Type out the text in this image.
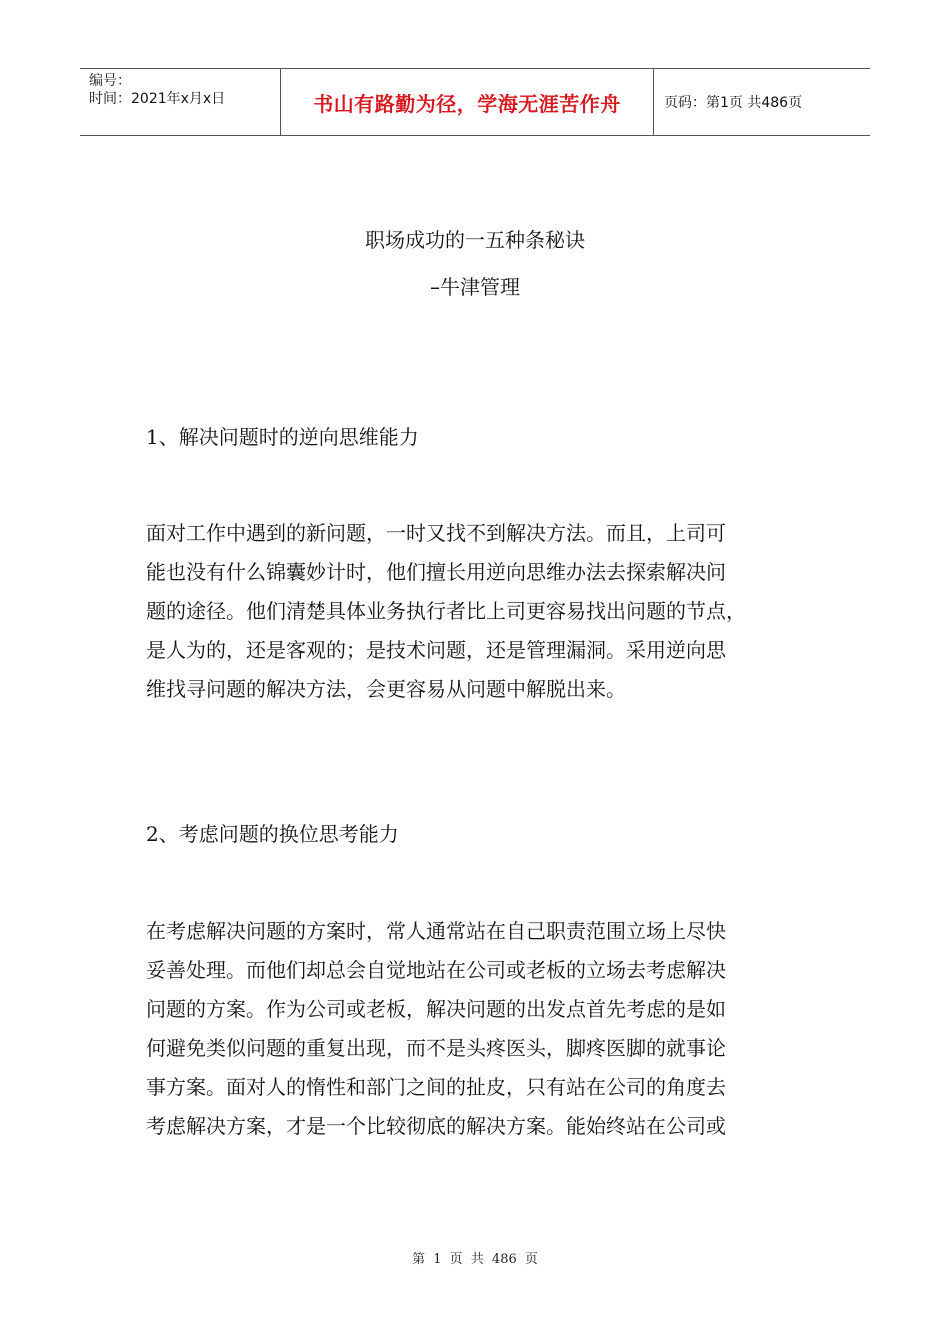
编号：
时间：2021年x月x日	书山有路勤为径，学海无涯苦作舟	页码：第1页 共486页
职场成功的一五种条秘诀
–牛津管理
1、解决问题时的逆向思维能力
面对工作中遇到的新问题，一时又找不到解决方法。而且，上司可
能也没有什么锦囊妙计时，他们擅长用逆向思维办法去探索解决问
题的途径。他们清楚具体业务执行者比上司更容易找出问题的节点，
是人为的，还是客观的；是技术问题，还是管理漏洞。采用逆向思
维找寻问题的解决方法，会更容易从问题中解脱出来。
2、考虑问题的换位思考能力
在考虑解决问题的方案时，常人通常站在自己职责范围立场上尽快
妥善处理。而他们却总会自觉地站在公司或老板的立场去考虑解决
问题的方案。作为公司或老板，解决问题的出发点首先考虑的是如
何避免类似问题的重复出现，而不是头疼医头，脚疼医脚的就事论
事方案。面对人的惰性和部门之间的扯皮，只有站在公司的角度去
考虑解决方案，才是一个比较彻底的解决方案。能始终站在公司或
第 1 页 共 486 页
